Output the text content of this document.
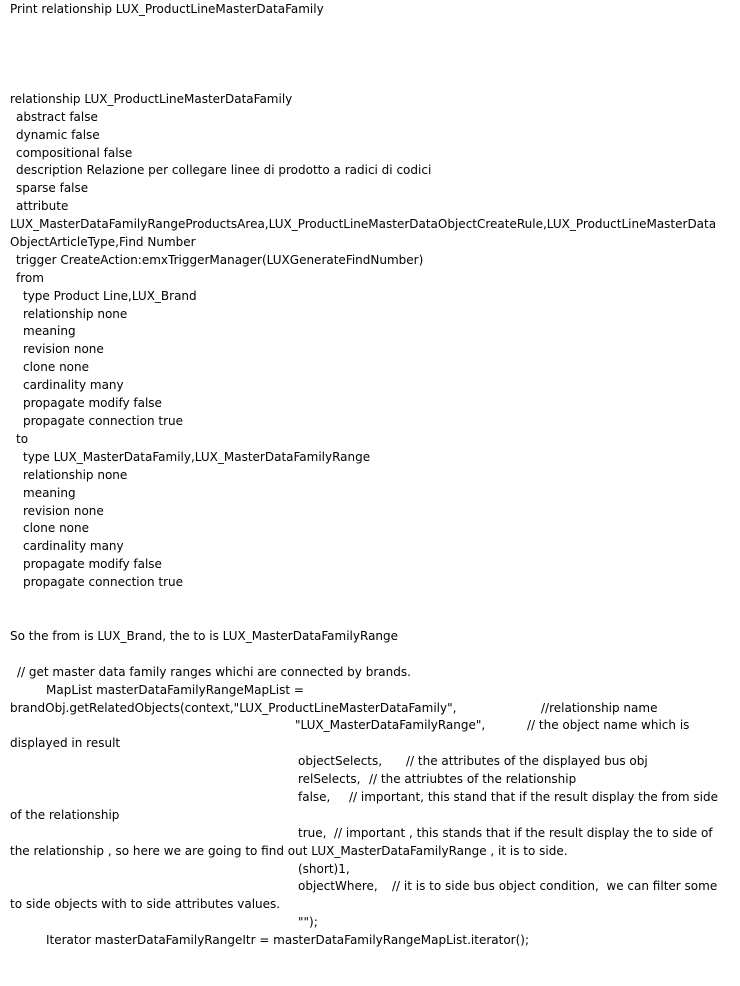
Print relationship LUX_ProductLineMasterDataFamily
relationship LUX_ProductLineMasterDataFamily
abstract false
dynamic false
compositional false
description Relazione per collegare linee di prodotto a radici di codici
sparse false
attribute
LUX_MasterDataFamilyRangeProductsArea,LUX_ProductLineMasterDataObjectCreateRule,LUX_ProductLineMasterData
ObjectArticleType,Find Number
trigger CreateAction:emxTriggerManager(LUXGenerateFindNumber)
from
type Product Line,LUX_Brand
relationship none
meaning
revision none
clone none
cardinality many
propagate modify false
propagate connection true
to
type LUX_MasterDataFamily,LUX_MasterDataFamilyRange
relationship none
meaning
revision none
clone none
cardinality many
propagate modify false
propagate connection true
So the from is LUX_Brand, the to is LUX_MasterDataFamilyRange
// get master data family ranges whichi are connected by brands.
MapList masterDataFamilyRangeMapList =
brandObj.getRelatedObjects(context,"LUX_ProductLineMasterDataFamily",	//relationship name
"LUX_MasterDataFamilyRange",	// the object name which is
displayed in result
objectSelects, // the attributes of the displayed bus obj
relSelects, // the attriubtes of the relationship
false, // important, this stand that if the result display the from side
of the relationship
true, // important , this stands that if the result display the to side of
the relationship , so here we are going to find out LUX_MasterDataFamilyRange , it is to side.
(short)1,
objectWhere, // it is to side bus object condition,  we can filter some
to side objects with to side attributes values.
"");
Iterator masterDataFamilyRangeItr = masterDataFamilyRangeMapList.iterator();
